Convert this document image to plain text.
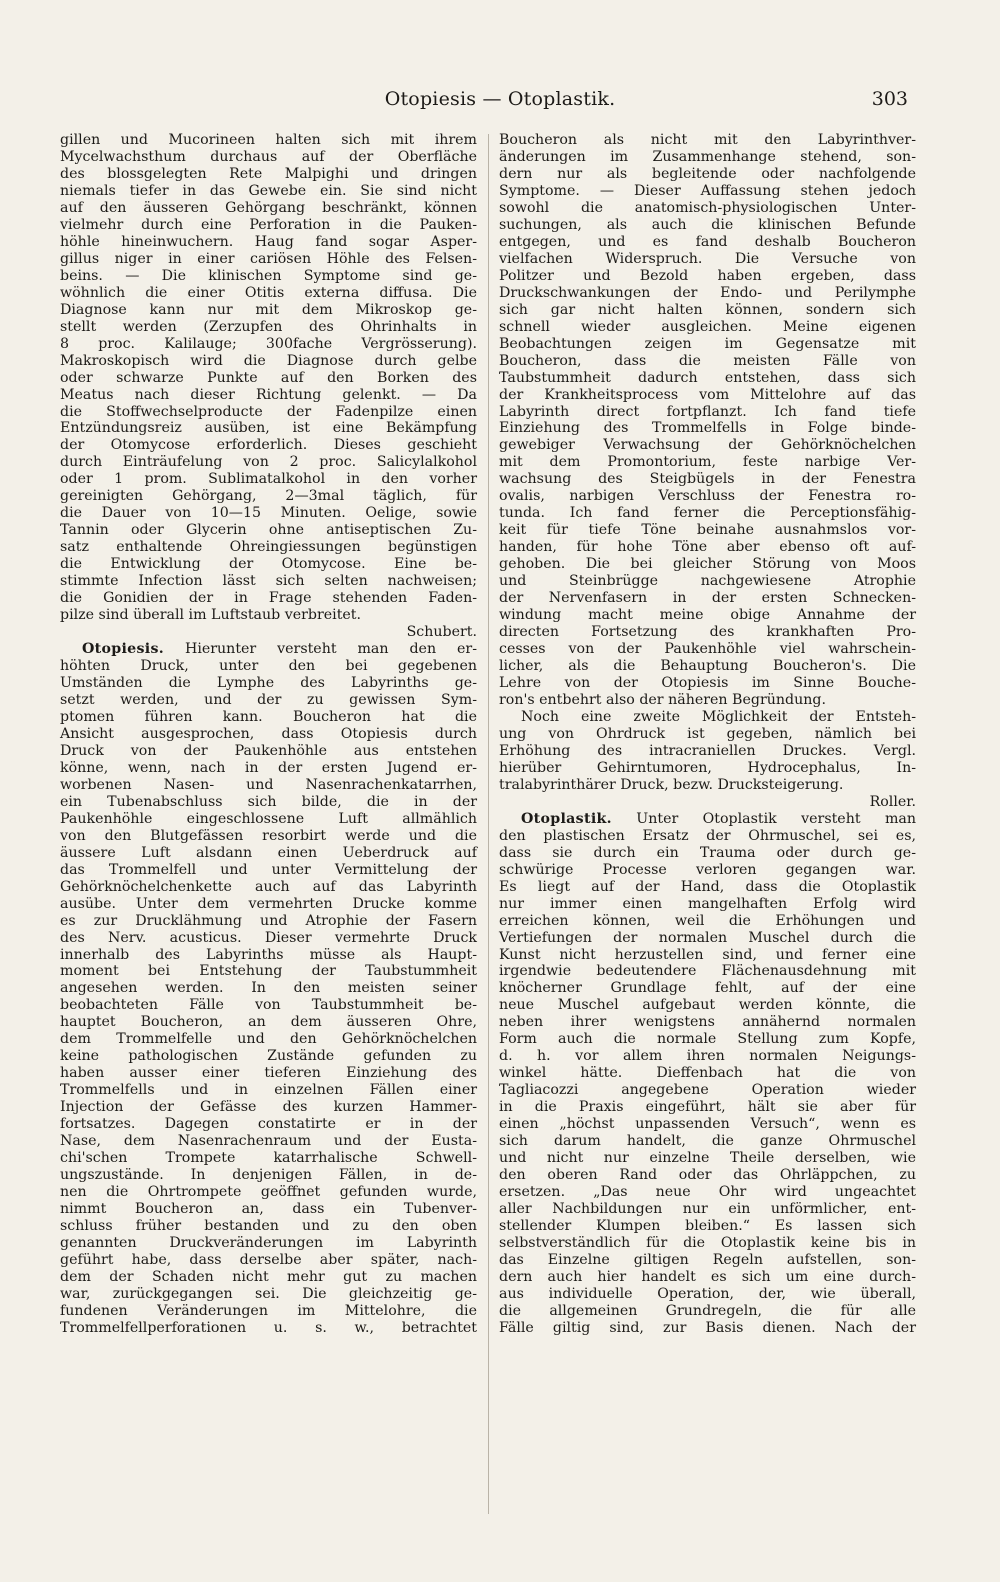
Otopiesis — Otoplastik.	303
gillen und Mucorineen halten sich mit ihrem
Mycelwachsthum durchaus auf der Oberfläche
des blossgelegten Rete Malpighi und dringen
niemals tiefer in das Gewebe ein. Sie sind nicht
auf den äusseren Gehörgang beschränkt, können
vielmehr durch eine Perforation in die Pauken-
höhle hineinwuchern. Haug fand sogar Asper-
gillus niger in einer cariösen Höhle des Felsen-
beins. — Die klinischen Symptome sind ge-
wöhnlich die einer Otitis externa diffusa. Die
Diagnose kann nur mit dem Mikroskop ge-
stellt werden (Zerzupfen des Ohrinhalts in
8 proc. Kalilauge; 300fache Vergrösserung).
Makroskopisch wird die Diagnose durch gelbe
oder schwarze Punkte auf den Borken des
Meatus nach dieser Richtung gelenkt. — Da
die Stoffwechselproducte der Fadenpilze einen
Entzündungsreiz ausüben, ist eine Bekämpfung
der Otomycose erforderlich. Dieses geschieht
durch Einträufelung von 2 proc. Salicylalkohol
oder 1 prom. Sublimatalkohol in den vorher
gereinigten Gehörgang, 2—3mal täglich, für
die Dauer von 10—15 Minuten. Oelige, sowie
Tannin oder Glycerin ohne antiseptischen Zu-
satz enthaltende Ohreingiessungen begünstigen
die Entwicklung der Otomycose. Eine be-
stimmte Infection lässt sich selten nachweisen;
die Gonidien der in Frage stehenden Faden-
pilze sind überall im Luftstaub verbreitet.
Schubert.
Otopiesis. Hierunter versteht man den er-
höhten Druck, unter den bei gegebenen
Umständen die Lymphe des Labyrinths ge-
setzt werden, und der zu gewissen Sym-
ptomen führen kann. Boucheron hat die
Ansicht ausgesprochen, dass Otopiesis durch
Druck von der Paukenhöhle aus entstehen
könne, wenn, nach in der ersten Jugend er-
worbenen Nasen- und Nasenrachenkatarrhen,
ein Tubenabschluss sich bilde, die in der
Paukenhöhle eingeschlossene Luft allmählich
von den Blutgefässen resorbirt werde und die
äussere Luft alsdann einen Ueberdruck auf
das Trommelfell und unter Vermittelung der
Gehörknöchelchenkette auch auf das Labyrinth
ausübe. Unter dem vermehrten Drucke komme
es zur Drucklähmung und Atrophie der Fasern
des Nerv. acusticus. Dieser vermehrte Druck
innerhalb des Labyrinths müsse als Haupt-
moment bei Entstehung der Taubstummheit
angesehen werden. In den meisten seiner
beobachteten Fälle von Taubstummheit be-
hauptet Boucheron, an dem äusseren Ohre,
dem Trommelfelle und den Gehörknöchelchen
keine pathologischen Zustände gefunden zu
haben ausser einer tieferen Einziehung des
Trommelfells und in einzelnen Fällen einer
Injection der Gefässe des kurzen Hammer-
fortsatzes. Dagegen constatirte er in der
Nase, dem Nasenrachenraum und der Eusta-
chi'schen Trompete katarrhalische Schwell-
ungszustände. In denjenigen Fällen, in de-
nen die Ohrtrompete geöffnet gefunden wurde,
nimmt Boucheron an, dass ein Tubenver-
schluss früher bestanden und zu den oben
genannten Druckveränderungen im Labyrinth
geführt habe, dass derselbe aber später, nach-
dem der Schaden nicht mehr gut zu machen
war, zurückgegangen sei. Die gleichzeitig ge-
fundenen Veränderungen im Mittelohre, die
Trommelfellperforationen u. s. w., betrachtet
Boucheron als nicht mit den Labyrinthver-
änderungen im Zusammenhange stehend, son-
dern nur als begleitende oder nachfolgende
Symptome. — Dieser Auffassung stehen jedoch
sowohl die anatomisch-physiologischen Unter-
suchungen, als auch die klinischen Befunde
entgegen, und es fand deshalb Boucheron
vielfachen Widerspruch. Die Versuche von
Politzer und Bezold haben ergeben, dass
Druckschwankungen der Endo- und Perilymphe
sich gar nicht halten können, sondern sich
schnell wieder ausgleichen. Meine eigenen
Beobachtungen zeigen im Gegensatze mit
Boucheron, dass die meisten Fälle von
Taubstummheit dadurch entstehen, dass sich
der Krankheitsprocess vom Mittelohre auf das
Labyrinth direct fortpflanzt. Ich fand tiefe
Einziehung des Trommelfells in Folge binde-
gewebiger Verwachsung der Gehörknöchelchen
mit dem Promontorium, feste narbige Ver-
wachsung des Steigbügels in der Fenestra
ovalis, narbigen Verschluss der Fenestra ro-
tunda. Ich fand ferner die Perceptionsfähig-
keit für tiefe Töne beinahe ausnahmslos vor-
handen, für hohe Töne aber ebenso oft auf-
gehoben. Die bei gleicher Störung von Moos
und Steinbrügge nachgewiesene Atrophie
der Nervenfasern in der ersten Schnecken-
windung macht meine obige Annahme der
directen Fortsetzung des krankhaften Pro-
cesses von der Paukenhöhle viel wahrschein-
licher, als die Behauptung Boucheron's. Die
Lehre von der Otopiesis im Sinne Bouche-
ron's entbehrt also der näheren Begründung.
Noch eine zweite Möglichkeit der Entsteh-
ung von Ohrdruck ist gegeben, nämlich bei
Erhöhung des intracraniellen Druckes. Vergl.
hierüber Gehirntumoren, Hydrocephalus, In-
tralabyrinthärer Druck, bezw. Drucksteigerung.
Roller.
Otoplastik. Unter Otoplastik versteht man
den plastischen Ersatz der Ohrmuschel, sei es,
dass sie durch ein Trauma oder durch ge-
schwürige Processe verloren gegangen war.
Es liegt auf der Hand, dass die Otoplastik
nur immer einen mangelhaften Erfolg wird
erreichen können, weil die Erhöhungen und
Vertiefungen der normalen Muschel durch die
Kunst nicht herzustellen sind, und ferner eine
irgendwie bedeutendere Flächenausdehnung mit
knöcherner Grundlage fehlt, auf der eine
neue Muschel aufgebaut werden könnte, die
neben ihrer wenigstens annähernd normalen
Form auch die normale Stellung zum Kopfe,
d. h. vor allem ihren normalen Neigungs-
winkel hätte. Dieffenbach hat die von
Tagliacozzi angegebene Operation wieder
in die Praxis eingeführt, hält sie aber für
einen „höchst unpassenden Versuch“, wenn es
sich darum handelt, die ganze Ohrmuschel
und nicht nur einzelne Theile derselben, wie
den oberen Rand oder das Ohrläppchen, zu
ersetzen. „Das neue Ohr wird ungeachtet
aller Nachbildungen nur ein unförmlicher, ent-
stellender Klumpen bleiben.“ Es lassen sich
selbstverständlich für die Otoplastik keine bis in
das Einzelne giltigen Regeln aufstellen, son-
dern auch hier handelt es sich um eine durch-
aus individuelle Operation, der, wie überall,
die allgemeinen Grundregeln, die für alle
Fälle giltig sind, zur Basis dienen. Nach der
